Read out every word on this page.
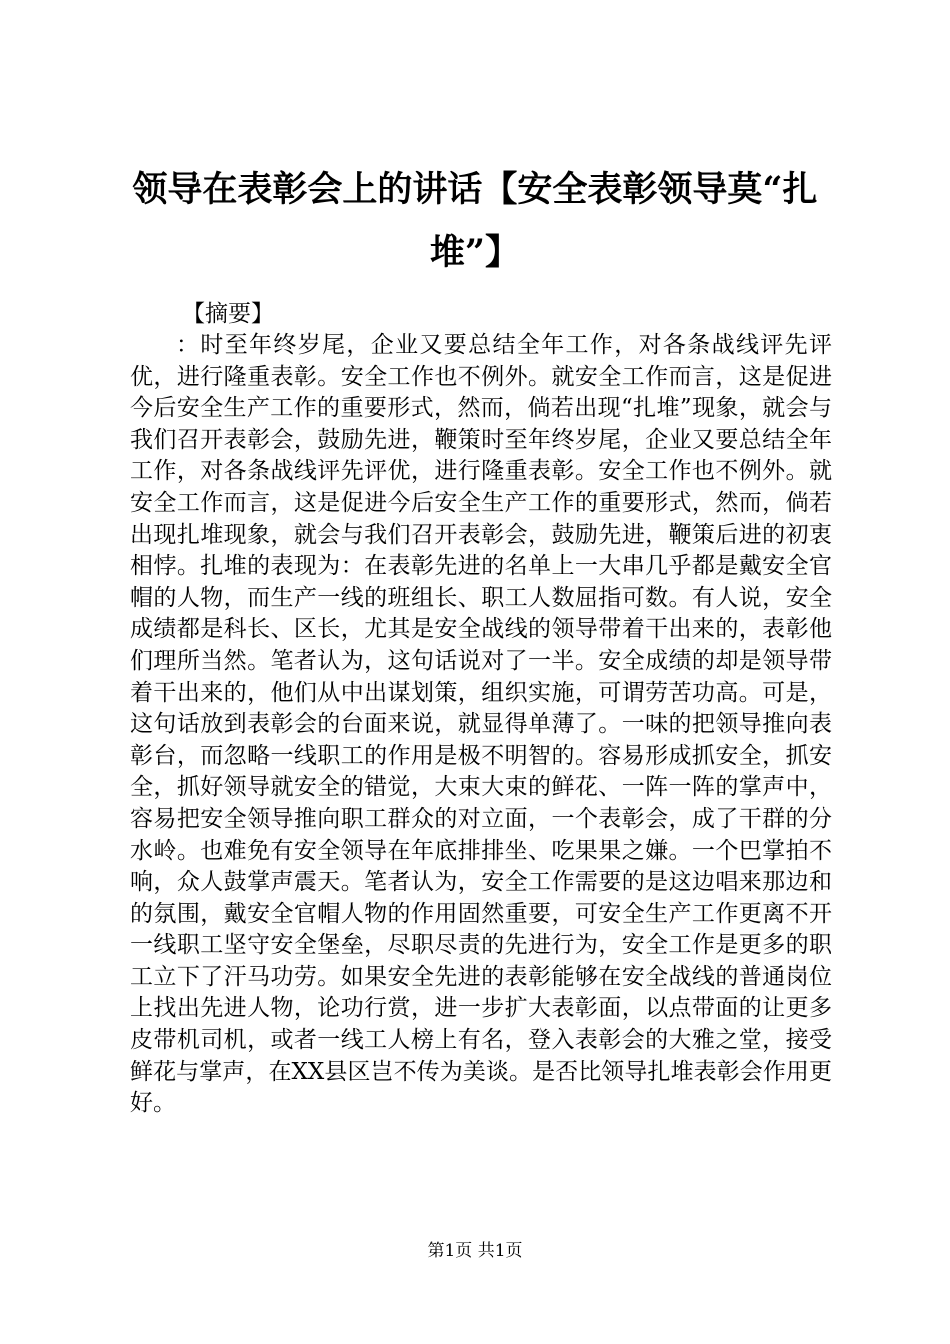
领导在表彰会上的讲话【安全表彰领导莫“扎堆”】

【摘要】

：时至年终岁尾，企业又要总结全年工作，对各条战线评先评优，进行隆重表彰。安全工作也不例外。就安全工作而言，这是促进今后安全生产工作的重要形式，然而，倘若出现“扎堆”现象，就会与我们召开表彰会，鼓励先进，鞭策时至年终岁尾，企业又要总结全年工作，对各条战线评先评优，进行隆重表彰。安全工作也不例外。就安全工作而言，这是促进今后安全生产工作的重要形式，然而，倘若出现扎堆现象，就会与我们召开表彰会，鼓励先进，鞭策后进的初衷相悖。扎堆的表现为：在表彰先进的名单上一大串几乎都是戴安全官帽的人物，而生产一线的班组长、职工人数屈指可数。有人说，安全成绩都是科长、区长，尤其是安全战线的领导带着干出来的，表彰他们理所当然。笔者认为，这句话说对了一半。安全成绩的却是领导带着干出来的，他们从中出谋划策，组织实施，可谓劳苦功高。可是，这句话放到表彰会的台面来说，就显得单薄了。一味的把领导推向表彰台，而忽略一线职工的作用是极不明智的。容易形成抓安全，抓安全，抓好领导就安全的错觉，大束大束的鲜花、一阵一阵的掌声中，容易把安全领导推向职工群众的对立面，一个表彰会，成了干群的分水岭。也难免有安全领导在年底排排坐、吃果果之嫌。一个巴掌拍不响，众人鼓掌声震天。笔者认为，安全工作需要的是这边唱来那边和的氛围，戴安全官帽人物的作用固然重要，可安全生产工作更离不开一线职工坚守安全堡垒，尽职尽责的先进行为，安全工作是更多的职工立下了汗马功劳。如果安全先进的表彰能够在安全战线的普通岗位上找出先进人物，论功行赏，进一步扩大表彰面，以点带面的让更多皮带机司机，或者一线工人榜上有名，登入表彰会的大雅之堂，接受鲜花与掌声，在XX县区岂不传为美谈。是否比领导扎堆表彰会作用更好。

第1页 共1页
